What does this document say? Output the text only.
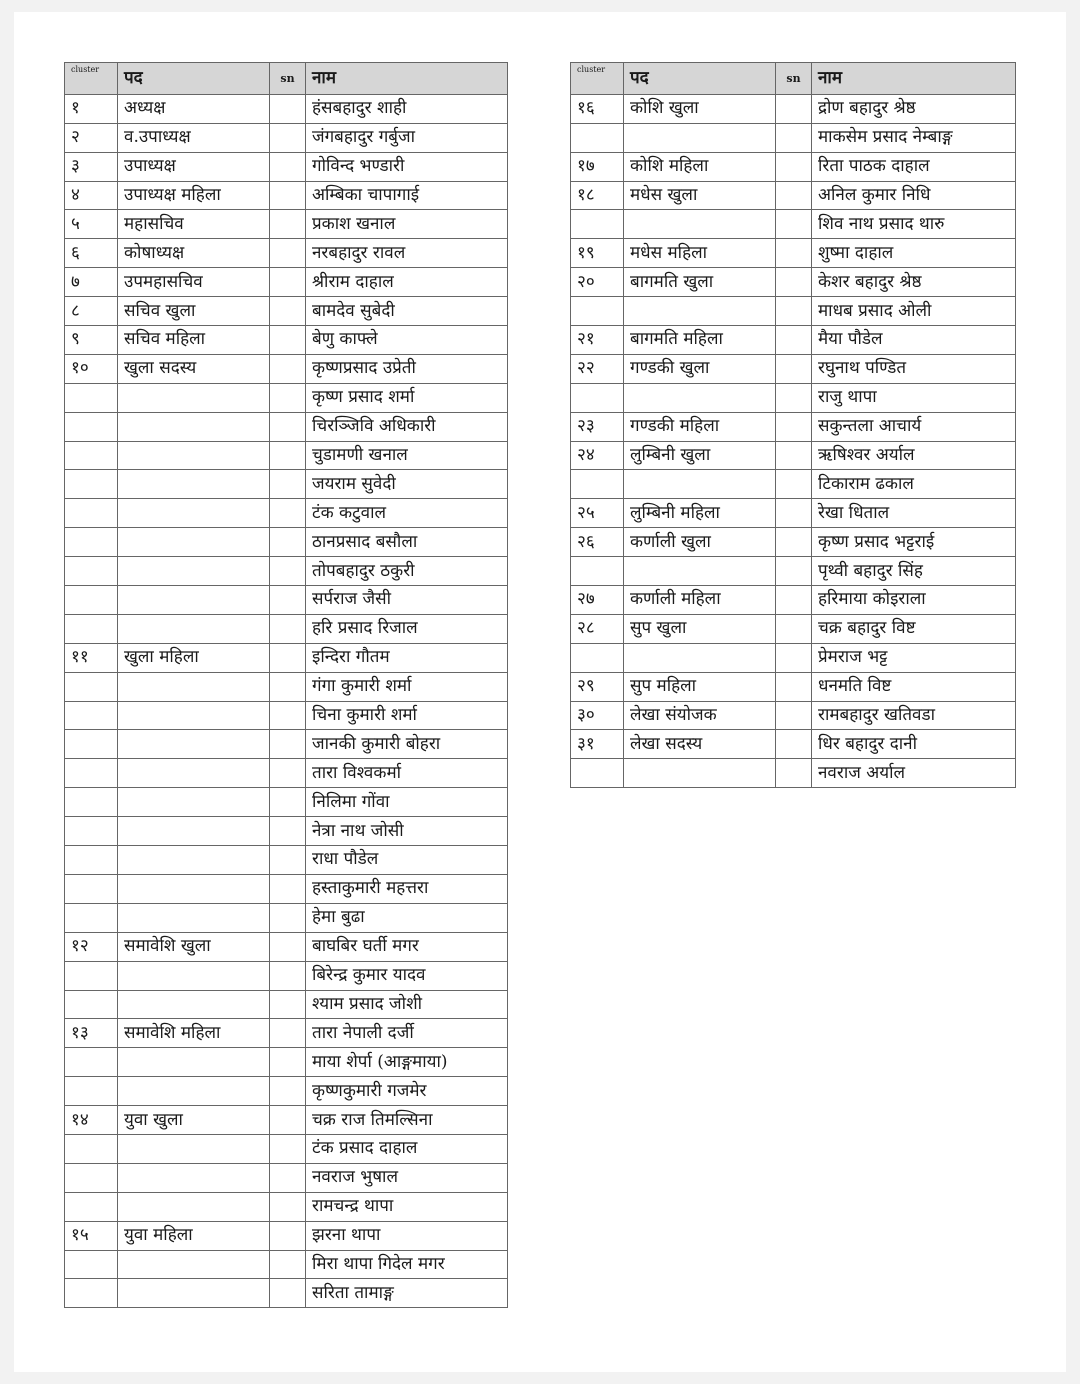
cluster	पद	sn	नाम
१	अध्यक्ष		हंसबहादुर शाही
२	व.उपाध्यक्ष		जंगबहादुर गर्बुजा
३	उपाध्यक्ष		गोविन्द भण्डारी
४	उपाध्यक्ष महिला		अम्बिका चापागाई
५	महासचिव		प्रकाश खनाल
६	कोषाध्यक्ष		नरबहादुर रावल
७	उपमहासचिव		श्रीराम दाहाल
८	सचिव खुला		बामदेव सुबेदी
९	सचिव महिला		बेणु काफ्ले
१०	खुला सदस्य		कृष्णप्रसाद उप्रेती
			कृष्ण प्रसाद शर्मा
			चिरञ्जिवि अधिकारी
			चुडामणी खनाल
			जयराम सुवेदी
			टंक कटुवाल
			ठानप्रसाद बसौला
			तोपबहादुर ठकुरी
			सर्पराज जैसी
			हरि प्रसाद रिजाल
११	खुला महिला		इन्दिरा गौतम
			गंगा कुमारी शर्मा
			चिना कुमारी शर्मा
			जानकी कुमारी बोहरा
			तारा विश्वकर्मा
			निलिमा गोंवा
			नेत्रा नाथ जोसी
			राधा पौडेल
			हस्ताकुमारी महत्तरा
			हेमा बुढा
१२	समावेशि खुला		बाघबिर घर्ती मगर
			बिरेन्द्र कुमार यादव
			श्याम प्रसाद जोशी
१३	समावेशि महिला		तारा नेपाली दर्जी
			माया शेर्पा (आङ्गमाया)
			कृष्णकुमारी गजमेर
१४	युवा खुला		चक्र राज तिमल्सिना
			टंक प्रसाद दाहाल
			नवराज भुषाल
			रामचन्द्र थापा
१५	युवा महिला		झरना थापा
			मिरा थापा गिदेल मगर
			सरिता तामाङ्ग
cluster	पद	sn	नाम
१६	कोशि खुला		द्रोण बहादुर श्रेष्ठ
			माकसेम प्रसाद नेम्बाङ्ग
१७	कोशि महिला		रिता पाठक दाहाल
१८	मधेस खुला		अनिल कुमार निधि
			शिव नाथ प्रसाद थारु
१९	मधेस महिला		शुष्मा दाहाल
२०	बागमति खुला		केशर बहादुर श्रेष्ठ
			माधब प्रसाद ओली
२१	बागमति महिला		मैया पौडेल
२२	गण्डकी खुला		रघुनाथ पण्डित
			राजु थापा
२३	गण्डकी महिला		सकुन्तला आचार्य
२४	लुम्बिनी खुला		ऋषिश्वर अर्याल
			टिकाराम ढकाल
२५	लुम्बिनी महिला		रेखा धिताल
२६	कर्णाली खुला		कृष्ण प्रसाद भट्टराई
			पृथ्वी बहादुर सिंह
२७	कर्णाली महिला		हरिमाया कोइराला
२८	सुप खुला		चक्र बहादुर विष्ट
			प्रेमराज भट्ट
२९	सुप महिला		धनमति विष्ट
३०	लेखा संयोजक		रामबहादुर खतिवडा
३१	लेखा सदस्य		धिर बहादुर दानी
			नवराज अर्याल
